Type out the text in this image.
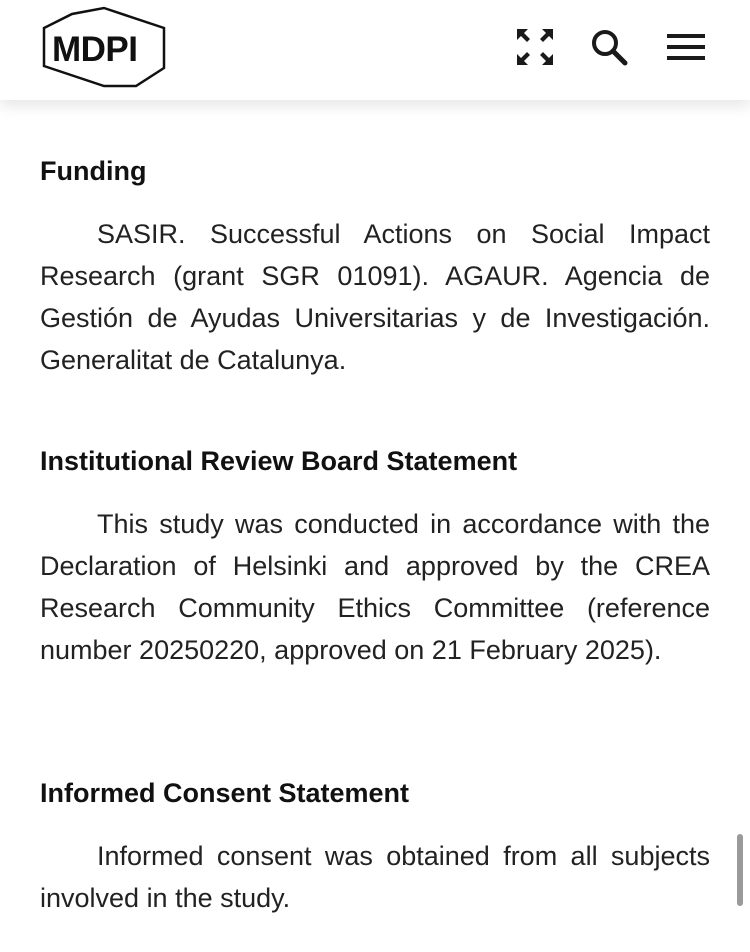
MDPI
Funding

SASIR. Successful Actions on Social Impact Research (grant SGR 01091). AGAUR. Agencia de Gestión de Ayudas Universitarias y de Investigación. Generalitat de Catalunya.

Institutional Review Board Statement

This study was conducted in accordance with the Declaration of Helsinki and approved by the CREA Research Community Ethics Committee (reference number 20250220, approved on 21 February 2025).

Informed Consent Statement

Informed consent was obtained from all subjects involved in the study.
